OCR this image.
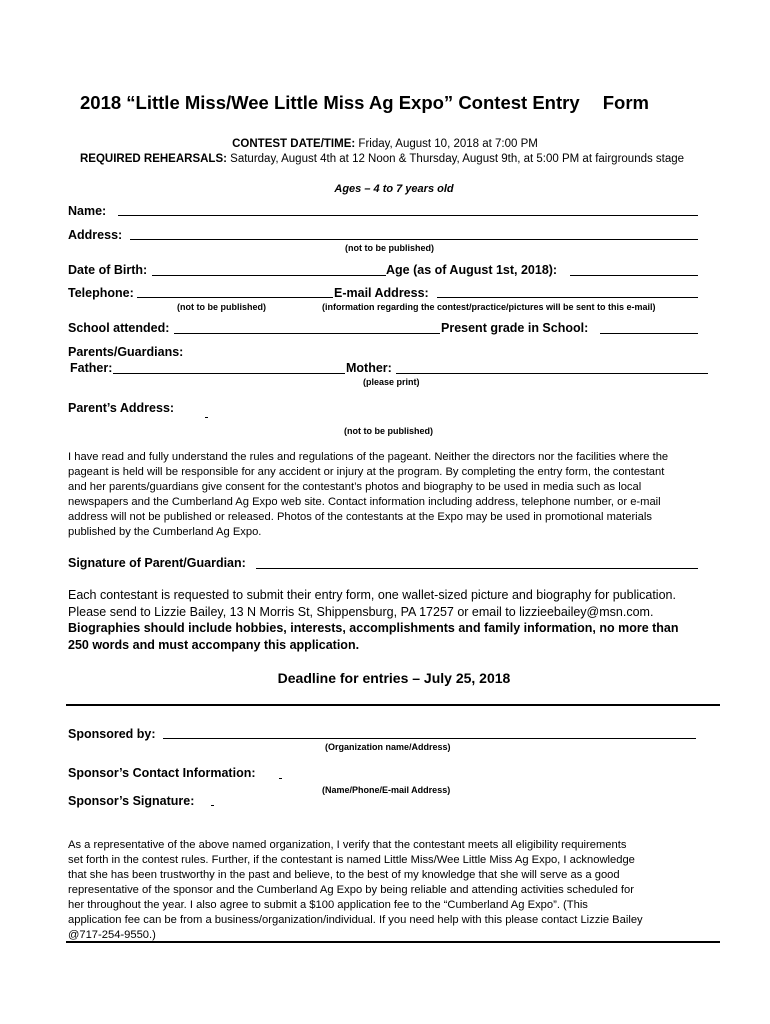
2018 “Little Miss/Wee Little Miss Ag Expo” Contest Entry Form
CONTEST DATE/TIME: Friday, August 10, 2018 at 7:00 PM
REQUIRED REHEARSALS: Saturday, August 4th at 12 Noon & Thursday, August 9th, at 5:00 PM at fairgrounds stage
Ages – 4 to 7 years old
Name:
Address:
(not to be published)
Date of Birth:	Age (as of August 1st, 2018):
Telephone:	E-mail Address:
(not to be published)	(information regarding the contest/practice/pictures will be sent to this e-mail)
School attended:	Present grade in School:
Parents/Guardians:
Father:	Mother:
(please print)
Parent’s Address:
(not to be published)
I have read and fully understand the rules and regulations of the pageant. Neither the directors nor the facilities where the
pageant is held will be responsible for any accident or injury at the program. By completing the entry form, the contestant
and her parents/guardians give consent for the contestant’s photos and biography to be used in media such as local
newspapers and the Cumberland Ag Expo web site. Contact information including address, telephone number, or e-mail
address will not be published or released. Photos of the contestants at the Expo may be used in promotional materials
published by the Cumberland Ag Expo.
Signature of Parent/Guardian:
Each contestant is requested to submit their entry form, one wallet-sized picture and biography for publication.
Please send to Lizzie Bailey, 13 N Morris St, Shippensburg, PA 17257 or email to lizzieebailey@msn.com.
Biographies should include hobbies, interests, accomplishments and family information, no more than
250 words and must accompany this application.
Deadline for entries – July 25, 2018
Sponsored by:
(Organization name/Address)
Sponsor’s Contact Information:
(Name/Phone/E-mail Address)
Sponsor’s Signature:
As a representative of the above named organization, I verify that the contestant meets all eligibility requirements
set forth in the contest rules. Further, if the contestant is named Little Miss/Wee Little Miss Ag Expo, I acknowledge
that she has been trustworthy in the past and believe, to the best of my knowledge that she will serve as a good
representative of the sponsor and the Cumberland Ag Expo by being reliable and attending activities scheduled for
her throughout the year. I also agree to submit a $100 application fee to the “Cumberland Ag Expo”. (This
application fee can be from a business/organization/individual. If you need help with this please contact Lizzie Bailey
@717-254-9550.)
